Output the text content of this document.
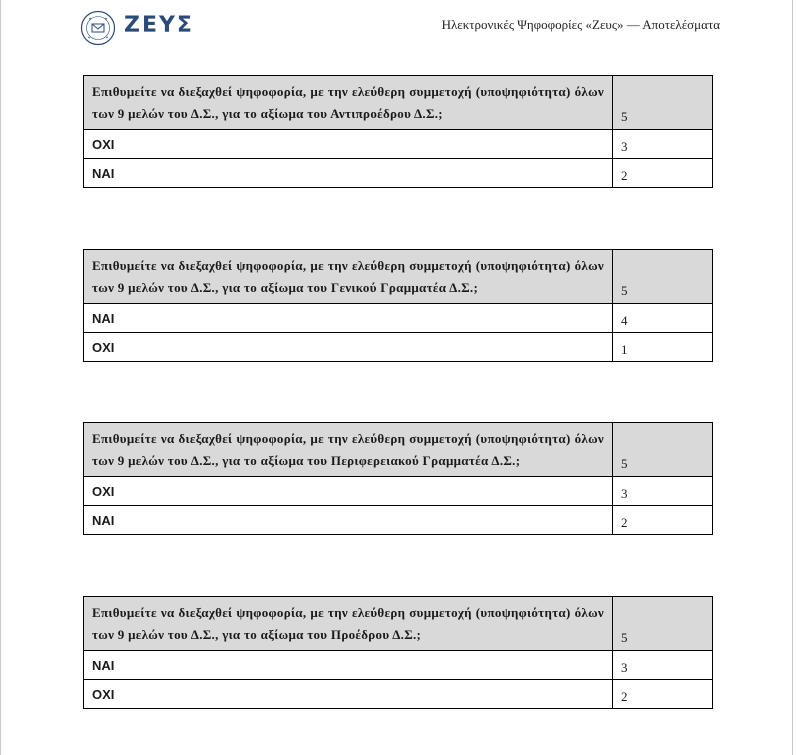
ΖΕΥΣ	Ηλεκτρονικές Ψηφοφορίες «Ζευς» — Αποτελέσματα
Επιθυμείτε να διεξαχθεί ψηφοφορία, με την ελεύθερη συμμετοχή (υποψηφιότητα) όλων των 9 μελών του Δ.Σ., για το αξίωμα του Αντιπροέδρου Δ.Σ.;	5
ΟΧΙ	3
ΝΑΙ	2
Επιθυμείτε να διεξαχθεί ψηφοφορία, με την ελεύθερη συμμετοχή (υποψηφιότητα) όλων των 9 μελών του Δ.Σ., για το αξίωμα του Γενικού Γραμματέα Δ.Σ.;	5
ΝΑΙ	4
ΟΧΙ	1
Επιθυμείτε να διεξαχθεί ψηφοφορία, με την ελεύθερη συμμετοχή (υποψηφιότητα) όλων των 9 μελών του Δ.Σ., για το αξίωμα του Περιφερειακού Γραμματέα Δ.Σ.;	5
ΟΧΙ	3
ΝΑΙ	2
Επιθυμείτε να διεξαχθεί ψηφοφορία, με την ελεύθερη συμμετοχή (υποψηφιότητα) όλων των 9 μελών του Δ.Σ., για το αξίωμα του Προέδρου Δ.Σ.;	5
ΝΑΙ	3
ΟΧΙ	2
